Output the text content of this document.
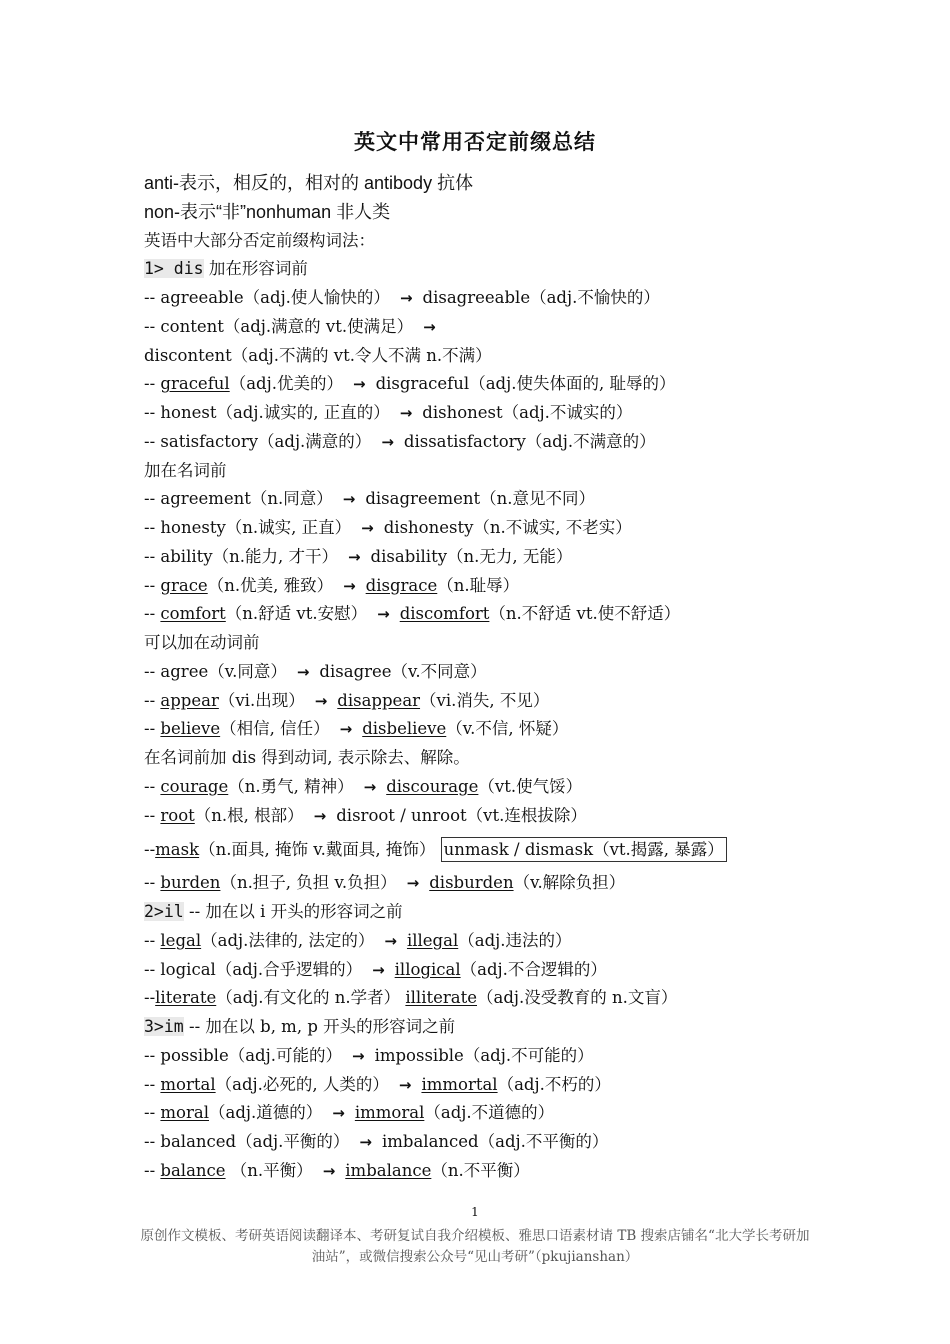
英文中常用否定前缀总结
anti-表示，相反的，相对的 antibody 抗体
non-表示“非”nonhuman 非人类
英语中大部分否定前缀构词法：
1> dis 加在形容词前
-- agreeable（adj.使人愉快的） → disagreeable（adj.不愉快的）
-- content（adj.满意的 vt.使满足） →
discontent（adj.不满的 vt.令人不满 n.不满）
-- graceful（adj.优美的） → disgraceful（adj.使失体面的, 耻辱的）
-- honest（adj.诚实的, 正直的） → dishonest（adj.不诚实的）
-- satisfactory（adj.满意的） → dissatisfactory（adj.不满意的）
加在名词前
-- agreement（n.同意） → disagreement（n.意见不同）
-- honesty（n.诚实, 正直） → dishonesty（n.不诚实, 不老实）
-- ability（n.能力, 才干） → disability（n.无力, 无能）
-- grace（n.优美, 雅致） → disgrace（n.耻辱）
-- comfort（n.舒适 vt.安慰） → discomfort（n.不舒适 vt.使不舒适）
可以加在动词前
-- agree（v.同意） → disagree（v.不同意）
-- appear（vi.出现） → disappear（vi.消失, 不见）
-- believe（相信, 信任） → disbelieve（v.不信, 怀疑）
在名词前加 dis 得到动词, 表示除去、解除。
-- courage（n.勇气, 精神） → discourage（vt.使气馁）
-- root（n.根, 根部） → disroot / unroot（vt.连根拔除）
--mask（n.面具, 掩饰 v.戴面具, 掩饰） unmask / dismask（vt.揭露, 暴露）
-- burden（n.担子, 负担 v.负担） → disburden（v.解除负担）
2>il -- 加在以 i 开头的形容词之前
-- legal（adj.法律的, 法定的） → illegal（adj.违法的）
-- logical（adj.合乎逻辑的） → illogical（adj.不合逻辑的）
--literate（adj.有文化的 n.学者） illiterate（adj.没受教育的 n.文盲）
3>im -- 加在以 b, m, p 开头的形容词之前
-- possible（adj.可能的） → impossible（adj.不可能的）
-- mortal（adj.必死的, 人类的） → immortal（adj.不朽的）
-- moral（adj.道德的） → immoral（adj.不道德的）
-- balanced（adj.平衡的） → imbalanced（adj.不平衡的）
-- balance （n.平衡） → imbalance（n.不平衡）
1
原创作文模板、考研英语阅读翻译本、考研复试自我介绍模板、雅思口语素材请 TB 搜索店铺名“北大学长考研加油站”，或微信搜索公众号“见山考研”（pkujianshan）
